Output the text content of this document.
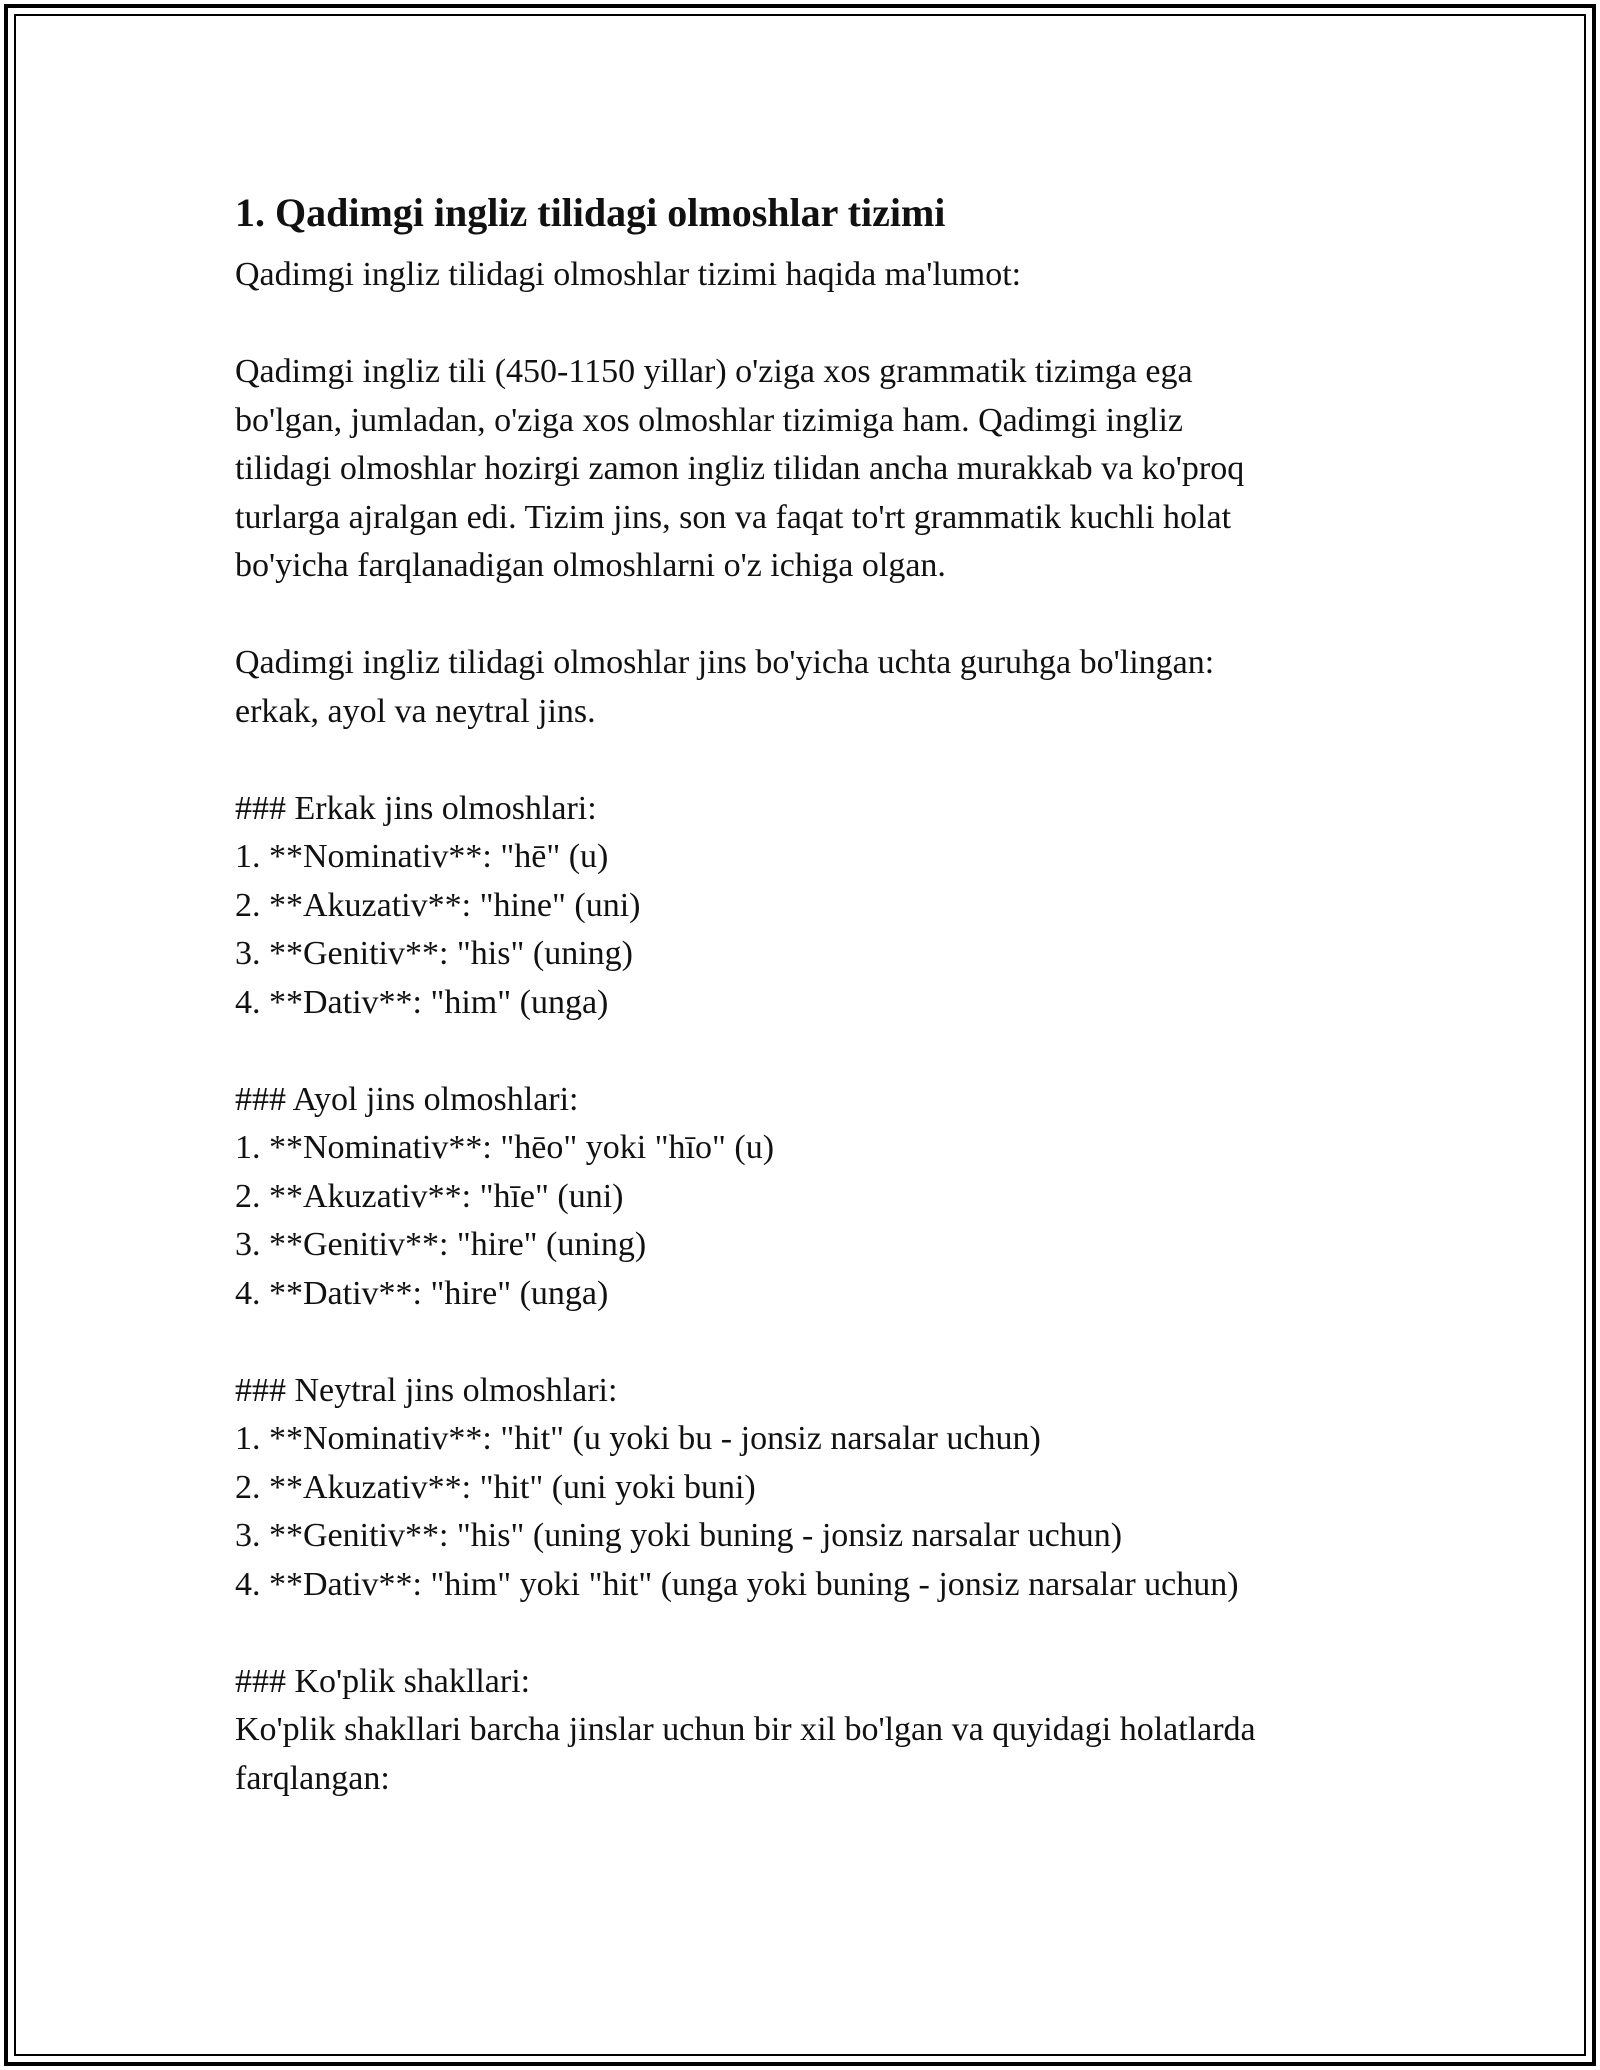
1. Qadimgi ingliz tilidagi olmoshlar tizimi

Qadimgi ingliz tilidagi olmoshlar tizimi haqida ma'lumot:

Qadimgi ingliz tili (450-1150 yillar) o'ziga xos grammatik tizimga ega
bo'lgan, jumladan, o'ziga xos olmoshlar tizimiga ham. Qadimgi ingliz
tilidagi olmoshlar hozirgi zamon ingliz tilidan ancha murakkab va ko'proq
turlarga ajralgan edi. Tizim jins, son va faqat to'rt grammatik kuchli holat
bo'yicha farqlanadigan olmoshlarni o'z ichiga olgan.
Qadimgi ingliz tilidagi olmoshlar jins bo'yicha uchta guruhga bo'lingan:
erkak, ayol va neytral jins.
### Erkak jins olmoshlari:
1. **Nominativ**: "hē" (u)
2. **Akuzativ**: "hine" (uni)
3. **Genitiv**: "his" (uning)
4. **Dativ**: "him" (unga)
### Ayol jins olmoshlari:
1. **Nominativ**: "hēo" yoki "hīo" (u)
2. **Akuzativ**: "hīe" (uni)
3. **Genitiv**: "hire" (uning)
4. **Dativ**: "hire" (unga)
### Neytral jins olmoshlari:
1. **Nominativ**: "hit" (u yoki bu - jonsiz narsalar uchun)
2. **Akuzativ**: "hit" (uni yoki buni)
3. **Genitiv**: "his" (uning yoki buning - jonsiz narsalar uchun)
4. **Dativ**: "him" yoki "hit" (unga yoki buning - jonsiz narsalar uchun)
### Ko'plik shakllari:
Ko'plik shakllari barcha jinslar uchun bir xil bo'lgan va quyidagi holatlarda
farqlangan:
